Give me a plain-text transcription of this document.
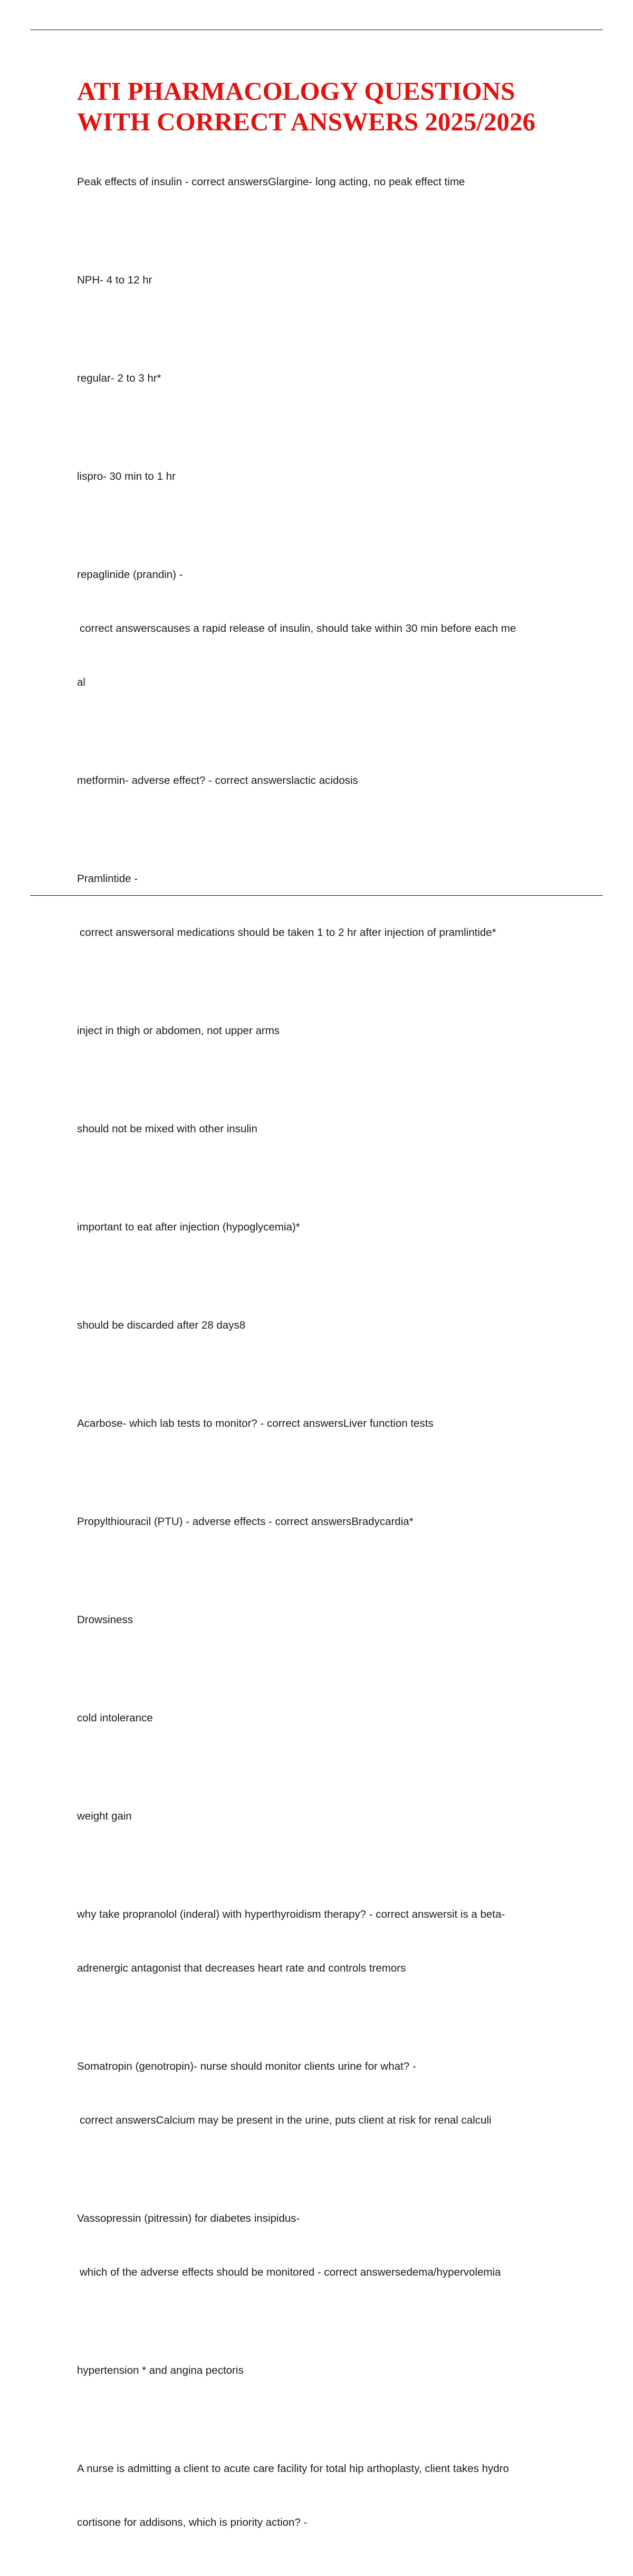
ATI PHARMACOLOGY QUESTIONS
WITH CORRECT ANSWERS 2025/2026

Peak effects of insulin - correct answersGlargine- long acting, no peak effect time

NPH- 4 to 12 hr

regular- 2 to 3 hr*

lispro- 30 min to 1 hr

repaglinide (prandin) -

correct answerscauses a rapid release of insulin, should take within 30 min before each me

al

metformin- adverse effect? - correct answerslactic acidosis

Pramlintide -

correct answersoral medications should be taken 1 to 2 hr after injection of pramlintide*

inject in thigh or abdomen, not upper arms

should not be mixed with other insulin

important to eat after injection (hypoglycemia)*

should be discarded after 28 days8

Acarbose- which lab tests to monitor? - correct answersLiver function tests

Propylthiouracil (PTU) - adverse effects - correct answersBradycardia*

Drowsiness

cold intolerance

weight gain

why take propranolol (inderal) with hyperthyroidism therapy? - correct answersit is a beta-

adrenergic antagonist that decreases heart rate and controls tremors

Somatropin (genotropin)- nurse should monitor clients urine for what? -

correct answersCalcium may be present in the urine, puts client at risk for renal calculi

Vassopressin (pitressin) for diabetes insipidus-

which of the adverse effects should be monitored - correct answersedema/hypervolemia

hypertension * and angina pectoris

A nurse is admitting a client to acute care facility for total hip arthoplasty, client takes hydro

cortisone for addisons, which is priority action? -
